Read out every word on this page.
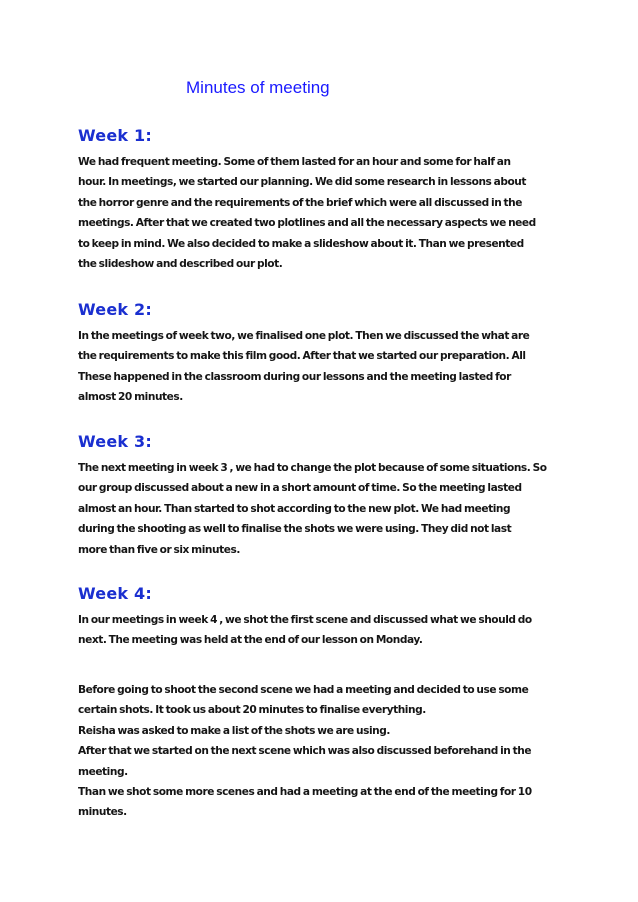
Minutes of meeting
Week 1:

We had frequent meeting. Some of them lasted for an hour and some for half an
hour. In meetings, we started our planning. We did some research in lessons about
the horror genre and the requirements of the brief which were all discussed in the
meetings. After that we created two plotlines and all the necessary aspects we need
to keep in mind. We also decided to make a slideshow about it. Than we presented
the slideshow and described our plot.

Week 2:

In the meetings of week two, we finalised one plot. Then we discussed the what are
the requirements to make this film good. After that we started our preparation. All
These happened in the classroom during our lessons and the meeting lasted for
almost 20 minutes.

Week 3:

The next meeting in week 3 , we had to change the plot because of some situations. So
our group discussed about a new in a short amount of time. So the meeting lasted
almost an hour. Than started to shot according to the new plot. We had meeting
during the shooting as well to finalise the shots we were using. They did not last
more than five or six minutes.

Week 4:

In our meetings in week 4 , we shot the first scene and discussed what we should do
next. The meeting was held at the end of our lesson on Monday.

Before going to shoot the second scene we had a meeting and decided to use some
certain shots. It took us about 20 minutes to finalise everything.
Reisha was asked to make a list of the shots we are using.
After that we started on the next scene which was also discussed beforehand in the
meeting.
Than we shot some more scenes and had a meeting at the end of the meeting for 10
minutes.
